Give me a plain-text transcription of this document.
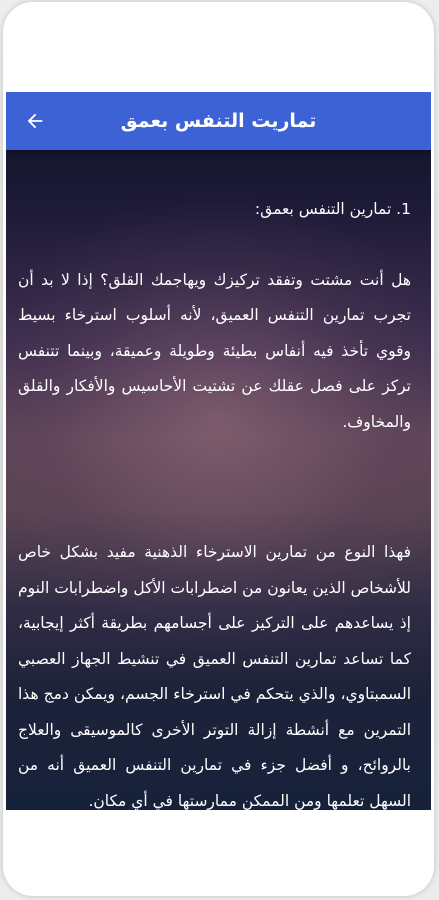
تماريت التنفس بعمق

1. تمارين التنفس بعمق:

هل أنت مشتت وتفقد تركيزك ويهاجمك القلق؟ إذا لا بد أن تجرب تمارين التنفس العميق، لأنه أسلوب استرخاء بسيط وقوي تأخذ فيه أنفاس بطيئة وطويلة وعميقة، وبينما تتنفس تركز على فصل عقلك عن تشتيت الأحاسيس والأفكار والقلق والمخاوف.

فهذا النوع من تمارين الاسترخاء الذهنية مفيد بشكل خاص للأشخاص الذين يعانون من اضطرابات الأكل واضطرابات النوم إذ يساعدهم على التركيز على أجسامهم بطريقة أكثر إيجابية، كما تساعد تمارين التنفس العميق في تنشيط الجهاز العصبي السمبتاوي، والذي يتحكم في استرخاء الجسم، ويمكن دمج هذا التمرين مع أنشطة إزالة التوتر الأخرى كالموسيقى والعلاج بالروائح، و أفضل جزء في تمارين التنفس العميق أنه من السهل تعلمها ومن الممكن ممارستها في أي مكان.
